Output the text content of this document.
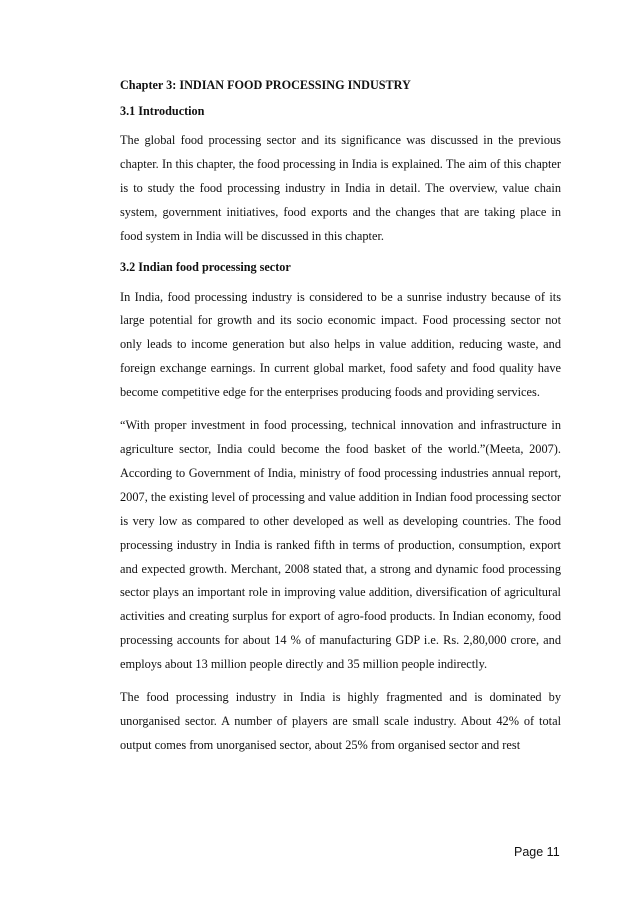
Chapter 3: INDIAN FOOD PROCESSING INDUSTRY

3.1 Introduction

The global food processing sector and its significance was discussed in the previous chapter. In this chapter, the food processing in India is explained. The aim of this chapter is to study the food processing industry in India in detail. The overview, value chain system, government initiatives, food exports and the changes that are taking place in food system in India will be discussed in this chapter.

3.2 Indian food processing sector

In India, food processing industry is considered to be a sunrise industry because of its large potential for growth and its socio economic impact. Food processing sector not only leads to income generation but also helps in value addition, reducing waste, and foreign exchange earnings. In current global market, food safety and food quality have become competitive edge for the enterprises producing foods and providing services.

“With proper investment in food processing, technical innovation and infrastructure in agriculture sector, India could become the food basket of the world.”(Meeta, 2007). According to Government of India, ministry of food processing industries annual report, 2007, the existing level of processing and value addition in Indian food processing sector is very low as compared to other developed as well as developing countries. The food processing industry in India is ranked fifth in terms of production, consumption, export and expected growth. Merchant, 2008 stated that, a strong and dynamic food processing sector plays an important role in improving value addition, diversification of agricultural activities and creating surplus for export of agro-food products. In Indian economy, food processing accounts for about 14 % of manufacturing GDP i.e. Rs. 2,80,000 crore, and employs about 13 million people directly and 35 million people indirectly.

The food processing industry in India is highly fragmented and is dominated by unorganised sector. A number of players are small scale industry. About 42% of total output comes from unorganised sector, about 25% from organised sector and rest

Page 11
